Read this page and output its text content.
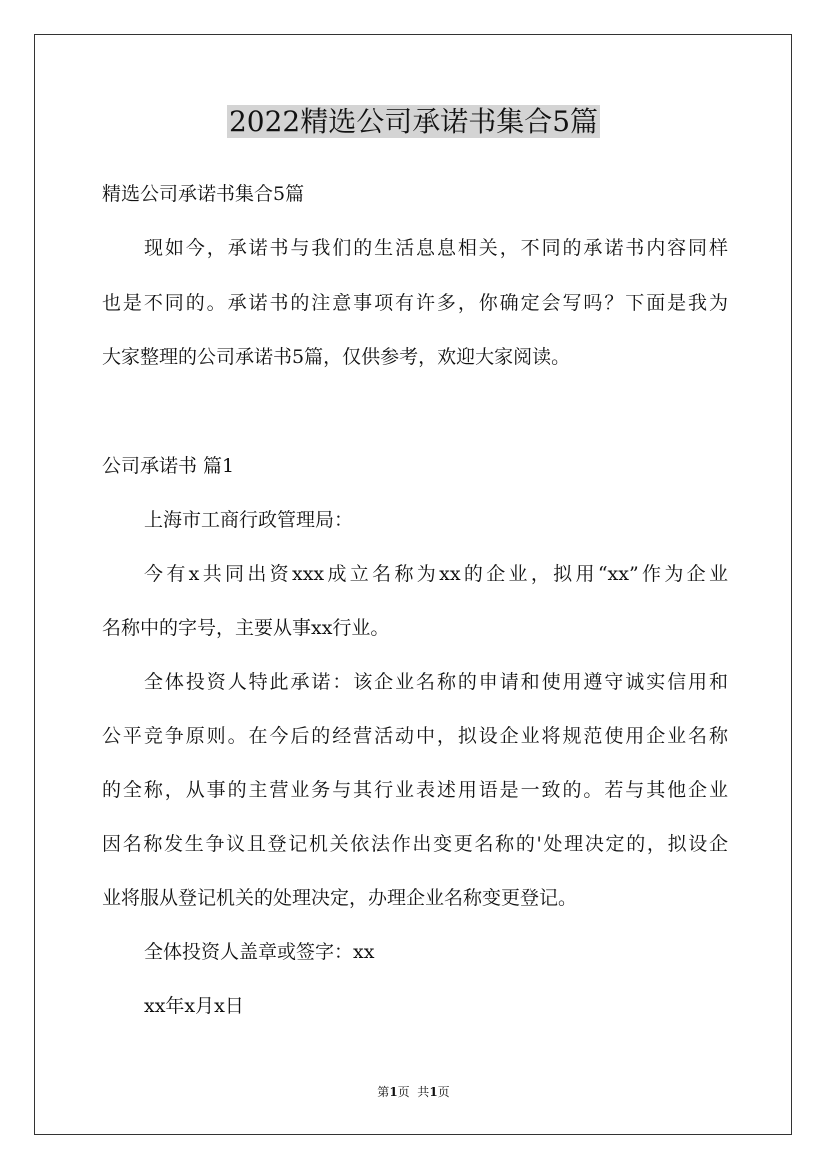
2022精选公司承诺书集合5篇
精选公司承诺书集合5篇
现如今，承诺书与我们的生活息息相关，不同的承诺书内容同样
也是不同的。承诺书的注意事项有许多，你确定会写吗？下面是我为
大家整理的公司承诺书5篇，仅供参考，欢迎大家阅读。
公司承诺书 篇1
上海市工商行政管理局：
今有x共同出资xxx成立名称为xx的企业，拟用“xx”作为企业
名称中的字号，主要从事xx行业。
全体投资人特此承诺：该企业名称的申请和使用遵守诚实信用和
公平竞争原则。在今后的经营活动中，拟设企业将规范使用企业名称
的全称，从事的主营业务与其行业表述用语是一致的。若与其他企业
因名称发生争议且登记机关依法作出变更名称的'处理决定的，拟设企
业将服从登记机关的处理决定，办理企业名称变更登记。
全体投资人盖章或签字：xx
xx年x月x日
第1页  共1页
